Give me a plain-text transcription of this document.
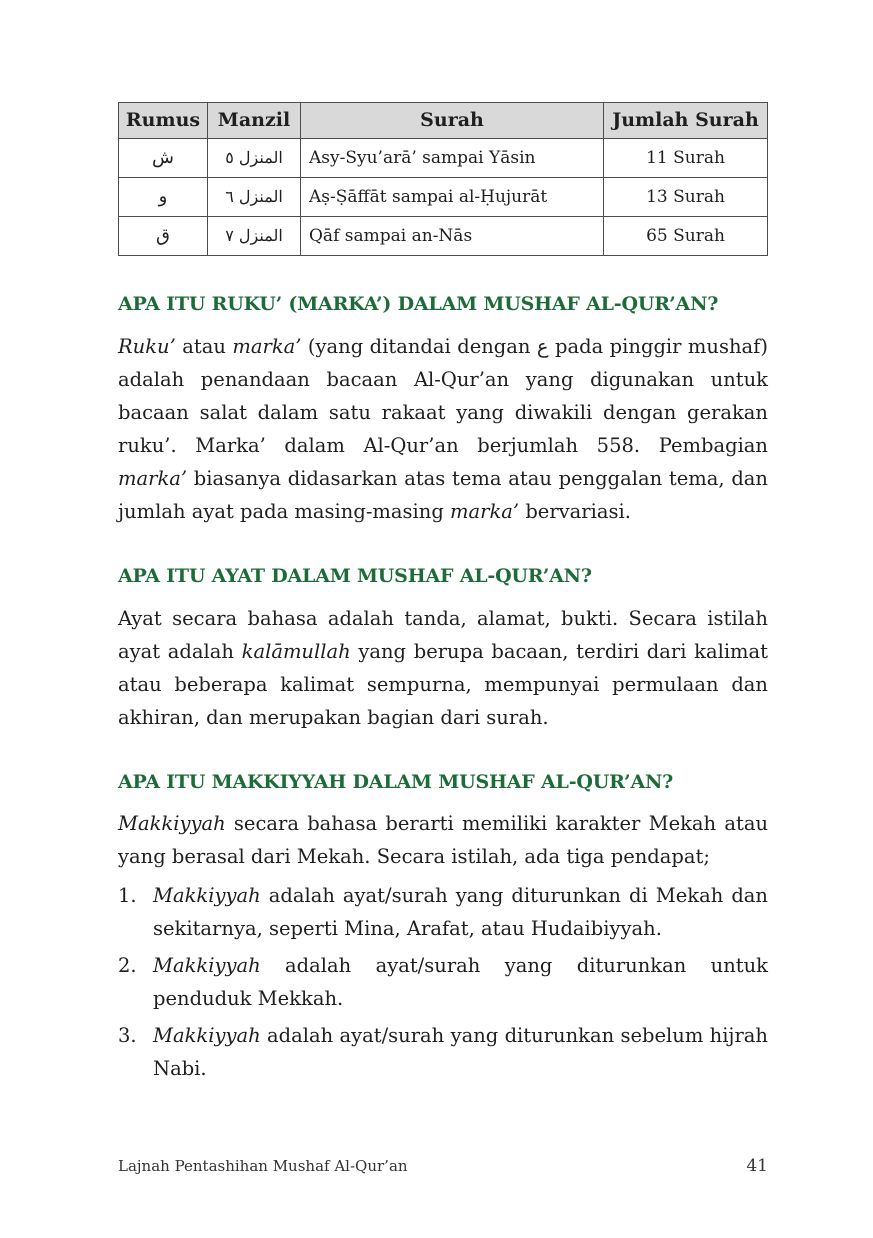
Rumus	Manzil	Surah	Jumlah Surah
ش	المنزل ٥	Asy-Syu’arā’ sampai Yāsin	11 Surah
و	المنزل ٦	Aṣ-Ṣāffāt sampai al-Ḥujurāt	13 Surah
ق	المنزل ٧	Qāf sampai an-Nās	65 Surah
APA ITU RUKU’ (MARKA’) DALAM MUSHAF AL-QUR’AN?

Ruku’ atau marka’ (yang ditandai dengan ع pada pinggir mushaf) adalah penandaan bacaan Al-Qur’an yang digunakan untuk bacaan salat dalam satu rakaat yang diwakili dengan gerakan ruku’. Marka’ dalam Al-Qur’an berjumlah 558. Pembagian marka’ biasanya didasarkan atas tema atau penggalan tema, dan jumlah ayat pada masing-masing marka’ bervariasi.

APA ITU AYAT DALAM MUSHAF AL-QUR’AN?

Ayat secara bahasa adalah tanda, alamat, bukti. Secara istilah ayat adalah kalāmullah yang berupa bacaan, terdiri dari kalimat atau beberapa kalimat sempurna, mempunyai permulaan dan akhiran, dan merupakan bagian dari surah.

APA ITU MAKKIYYAH DALAM MUSHAF AL-QUR’AN?

Makkiyyah secara bahasa berarti memiliki karakter Mekah atau yang berasal dari Mekah. Secara istilah, ada tiga pendapat;

1. Makkiyyah adalah ayat/surah yang diturunkan di Mekah dan sekitarnya, seperti Mina, Arafat, atau Hudaibiyyah.
2. Makkiyyah adalah ayat/surah yang diturunkan untuk penduduk Mekkah.
3. Makkiyyah adalah ayat/surah yang diturunkan sebelum hijrah Nabi.
Lajnah Pentashihan Mushaf Al-Qur’an	41
